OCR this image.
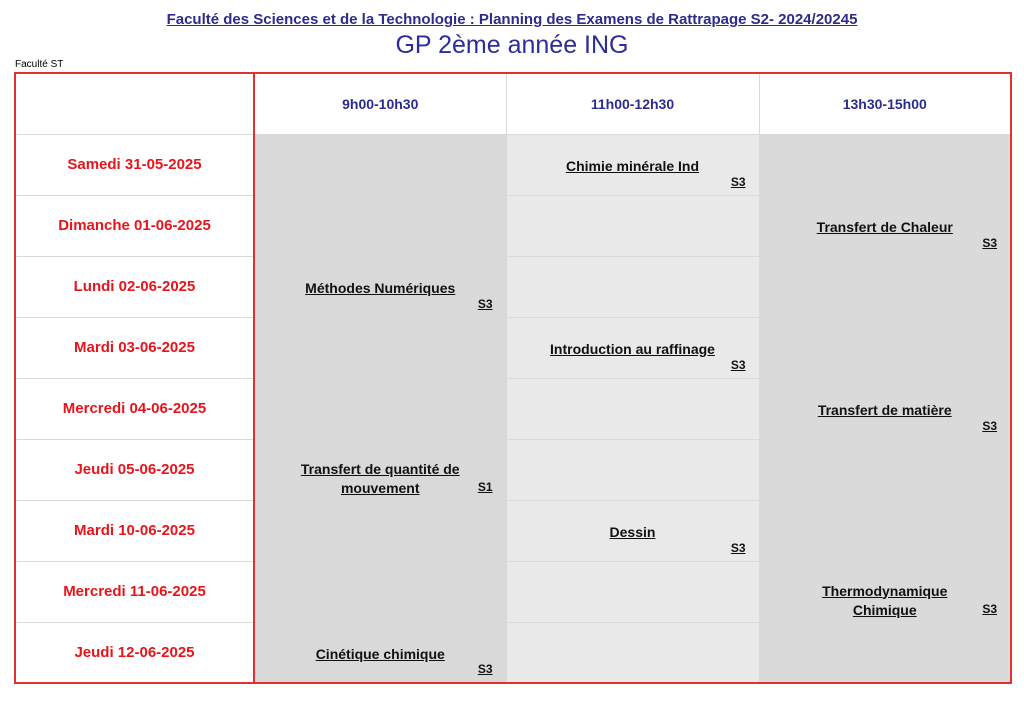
Faculté des Sciences et de la Technologie : Planning des Examens de Rattrapage S2- 2024/20245
GP 2ème année ING
Faculté ST
	9h00-10h30	11h00-12h30	13h30-15h00
Samedi 31-05-2025		Chimie minérale Ind
S3	

Dimanche 01-06-2025			Transfert de Chaleur
S3

Lundi 02-06-2025	Méthodes Numériques
S3		

Mardi 03-06-2025		Introduction au raffinage
S3	

Mercredi 04-06-2025			Transfert de matière
S3

Jeudi 05-06-2025	Transfert de quantité de
mouvement S1		

Mardi 10-06-2025		Dessin
S3	

Mercredi 11-06-2025			Thermodynamique
Chimique S3

Jeudi 12-06-2025	Cinétique chimique
S3		
